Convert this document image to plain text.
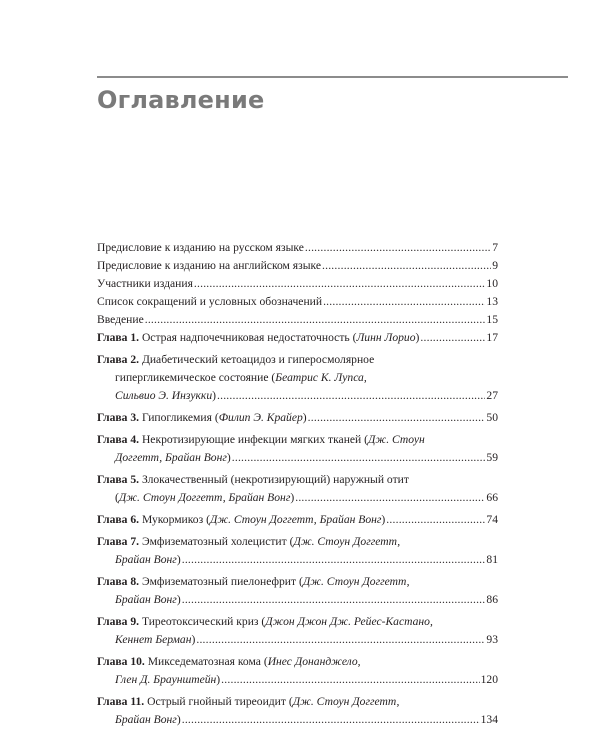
Оглавление
Предисловие к изданию на русском языке .....	7
Предисловие к изданию на английском языке .....	9
Участники издания .....	10
Список сокращений и условных обозначений .....	13
Введение .....	15
Глава 1. Острая надпочечниковая недостаточность (Линн Лорио) .....	17
Глава 2. Диабетический кетоацидоз и гиперосмолярное
гипергликемическое состояние (Беатрис К. Лупса,
Сильвио Э. Инзукки) .....	27
Глава 3. Гипогликемия (Филип Э. Крайер) .....	50
Глава 4. Некротизирующие инфекции мягких тканей (Дж. Стоун
Доггетт, Брайан Вонг) .....	59
Глава 5. Злокачественный (некротизирующий) наружный отит
(Дж. Стоун Доггетт, Брайан Вонг) .....	66
Глава 6. Мукормикоз (Дж. Стоун Доггетт, Брайан Вонг) .....	74
Глава 7. Эмфизематозный холецистит (Дж. Стоун Доггетт,
Брайан Вонг) .....	81
Глава 8. Эмфизематозный пиелонефрит (Дж. Стоун Доггетт,
Брайан Вонг) .....	86
Глава 9. Тиреотоксический криз (Джон Джон Дж. Рейес-Кастано,
Кеннет Берман) .....	93
Глава 10. Микседематозная кома (Инес Донанджело,
Глен Д. Браунштейн) .....	120
Глава 11. Острый гнойный тиреоидит (Дж. Стоун Доггетт,
Брайан Вонг) .....	134
